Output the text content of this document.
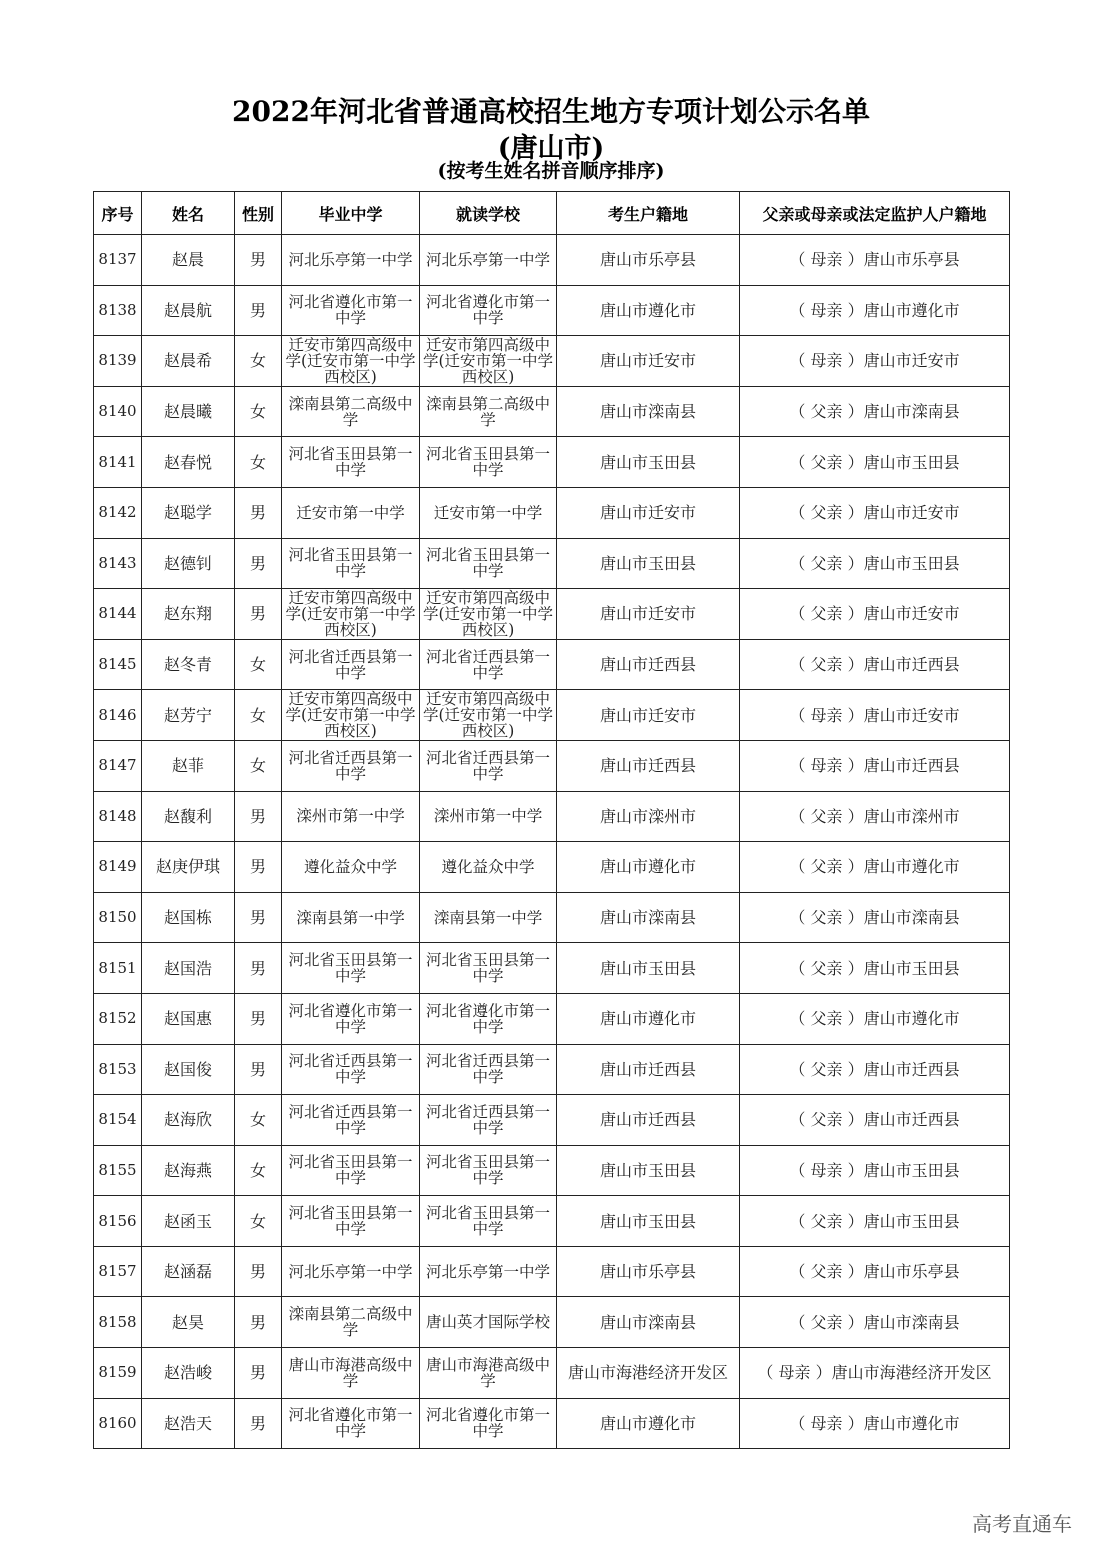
2022年河北省普通高校招生地方专项计划公示名单
(唐山市)
(按考生姓名拼音顺序排序)
序号	姓名	性别	毕业中学	就读学校	考生户籍地	父亲或母亲或法定监护人户籍地
8137	赵晨	男	河北乐亭第一中学	河北乐亭第一中学	唐山市乐亭县	（ 母亲 ）唐山市乐亭县
8138	赵晨航	男	河北省遵化市第一中学	河北省遵化市第一中学	唐山市遵化市	（ 母亲 ）唐山市遵化市
8139	赵晨希	女	迁安市第四高级中学(迁安市第一中学西校区)	迁安市第四高级中学(迁安市第一中学西校区)	唐山市迁安市	（ 母亲 ）唐山市迁安市
8140	赵晨曦	女	滦南县第二高级中学	滦南县第二高级中学	唐山市滦南县	（ 父亲 ）唐山市滦南县
8141	赵春悦	女	河北省玉田县第一中学	河北省玉田县第一中学	唐山市玉田县	（ 父亲 ）唐山市玉田县
8142	赵聪学	男	迁安市第一中学	迁安市第一中学	唐山市迁安市	（ 父亲 ）唐山市迁安市
8143	赵德钊	男	河北省玉田县第一中学	河北省玉田县第一中学	唐山市玉田县	（ 父亲 ）唐山市玉田县
8144	赵东翔	男	迁安市第四高级中学(迁安市第一中学西校区)	迁安市第四高级中学(迁安市第一中学西校区)	唐山市迁安市	（ 父亲 ）唐山市迁安市
8145	赵冬青	女	河北省迁西县第一中学	河北省迁西县第一中学	唐山市迁西县	（ 父亲 ）唐山市迁西县
8146	赵芳宁	女	迁安市第四高级中学(迁安市第一中学西校区)	迁安市第四高级中学(迁安市第一中学西校区)	唐山市迁安市	（ 母亲 ）唐山市迁安市
8147	赵菲	女	河北省迁西县第一中学	河北省迁西县第一中学	唐山市迁西县	（ 母亲 ）唐山市迁西县
8148	赵馥利	男	滦州市第一中学	滦州市第一中学	唐山市滦州市	（ 父亲 ）唐山市滦州市
8149	赵庚伊琪	男	遵化益众中学	遵化益众中学	唐山市遵化市	（ 父亲 ）唐山市遵化市
8150	赵国栋	男	滦南县第一中学	滦南县第一中学	唐山市滦南县	（ 父亲 ）唐山市滦南县
8151	赵国浩	男	河北省玉田县第一中学	河北省玉田县第一中学	唐山市玉田县	（ 父亲 ）唐山市玉田县
8152	赵国惠	男	河北省遵化市第一中学	河北省遵化市第一中学	唐山市遵化市	（ 父亲 ）唐山市遵化市
8153	赵国俊	男	河北省迁西县第一中学	河北省迁西县第一中学	唐山市迁西县	（ 父亲 ）唐山市迁西县
8154	赵海欣	女	河北省迁西县第一中学	河北省迁西县第一中学	唐山市迁西县	（ 父亲 ）唐山市迁西县
8155	赵海燕	女	河北省玉田县第一中学	河北省玉田县第一中学	唐山市玉田县	（ 母亲 ）唐山市玉田县
8156	赵函玉	女	河北省玉田县第一中学	河北省玉田县第一中学	唐山市玉田县	（ 父亲 ）唐山市玉田县
8157	赵涵磊	男	河北乐亭第一中学	河北乐亭第一中学	唐山市乐亭县	（ 父亲 ）唐山市乐亭县
8158	赵昊	男	滦南县第二高级中学	唐山英才国际学校	唐山市滦南县	（ 父亲 ）唐山市滦南县
8159	赵浩峻	男	唐山市海港高级中学	唐山市海港高级中学	唐山市海港经济开发区	（ 母亲 ）唐山市海港经济开发区
8160	赵浩天	男	河北省遵化市第一中学	河北省遵化市第一中学	唐山市遵化市	（ 母亲 ）唐山市遵化市
高考直通车
